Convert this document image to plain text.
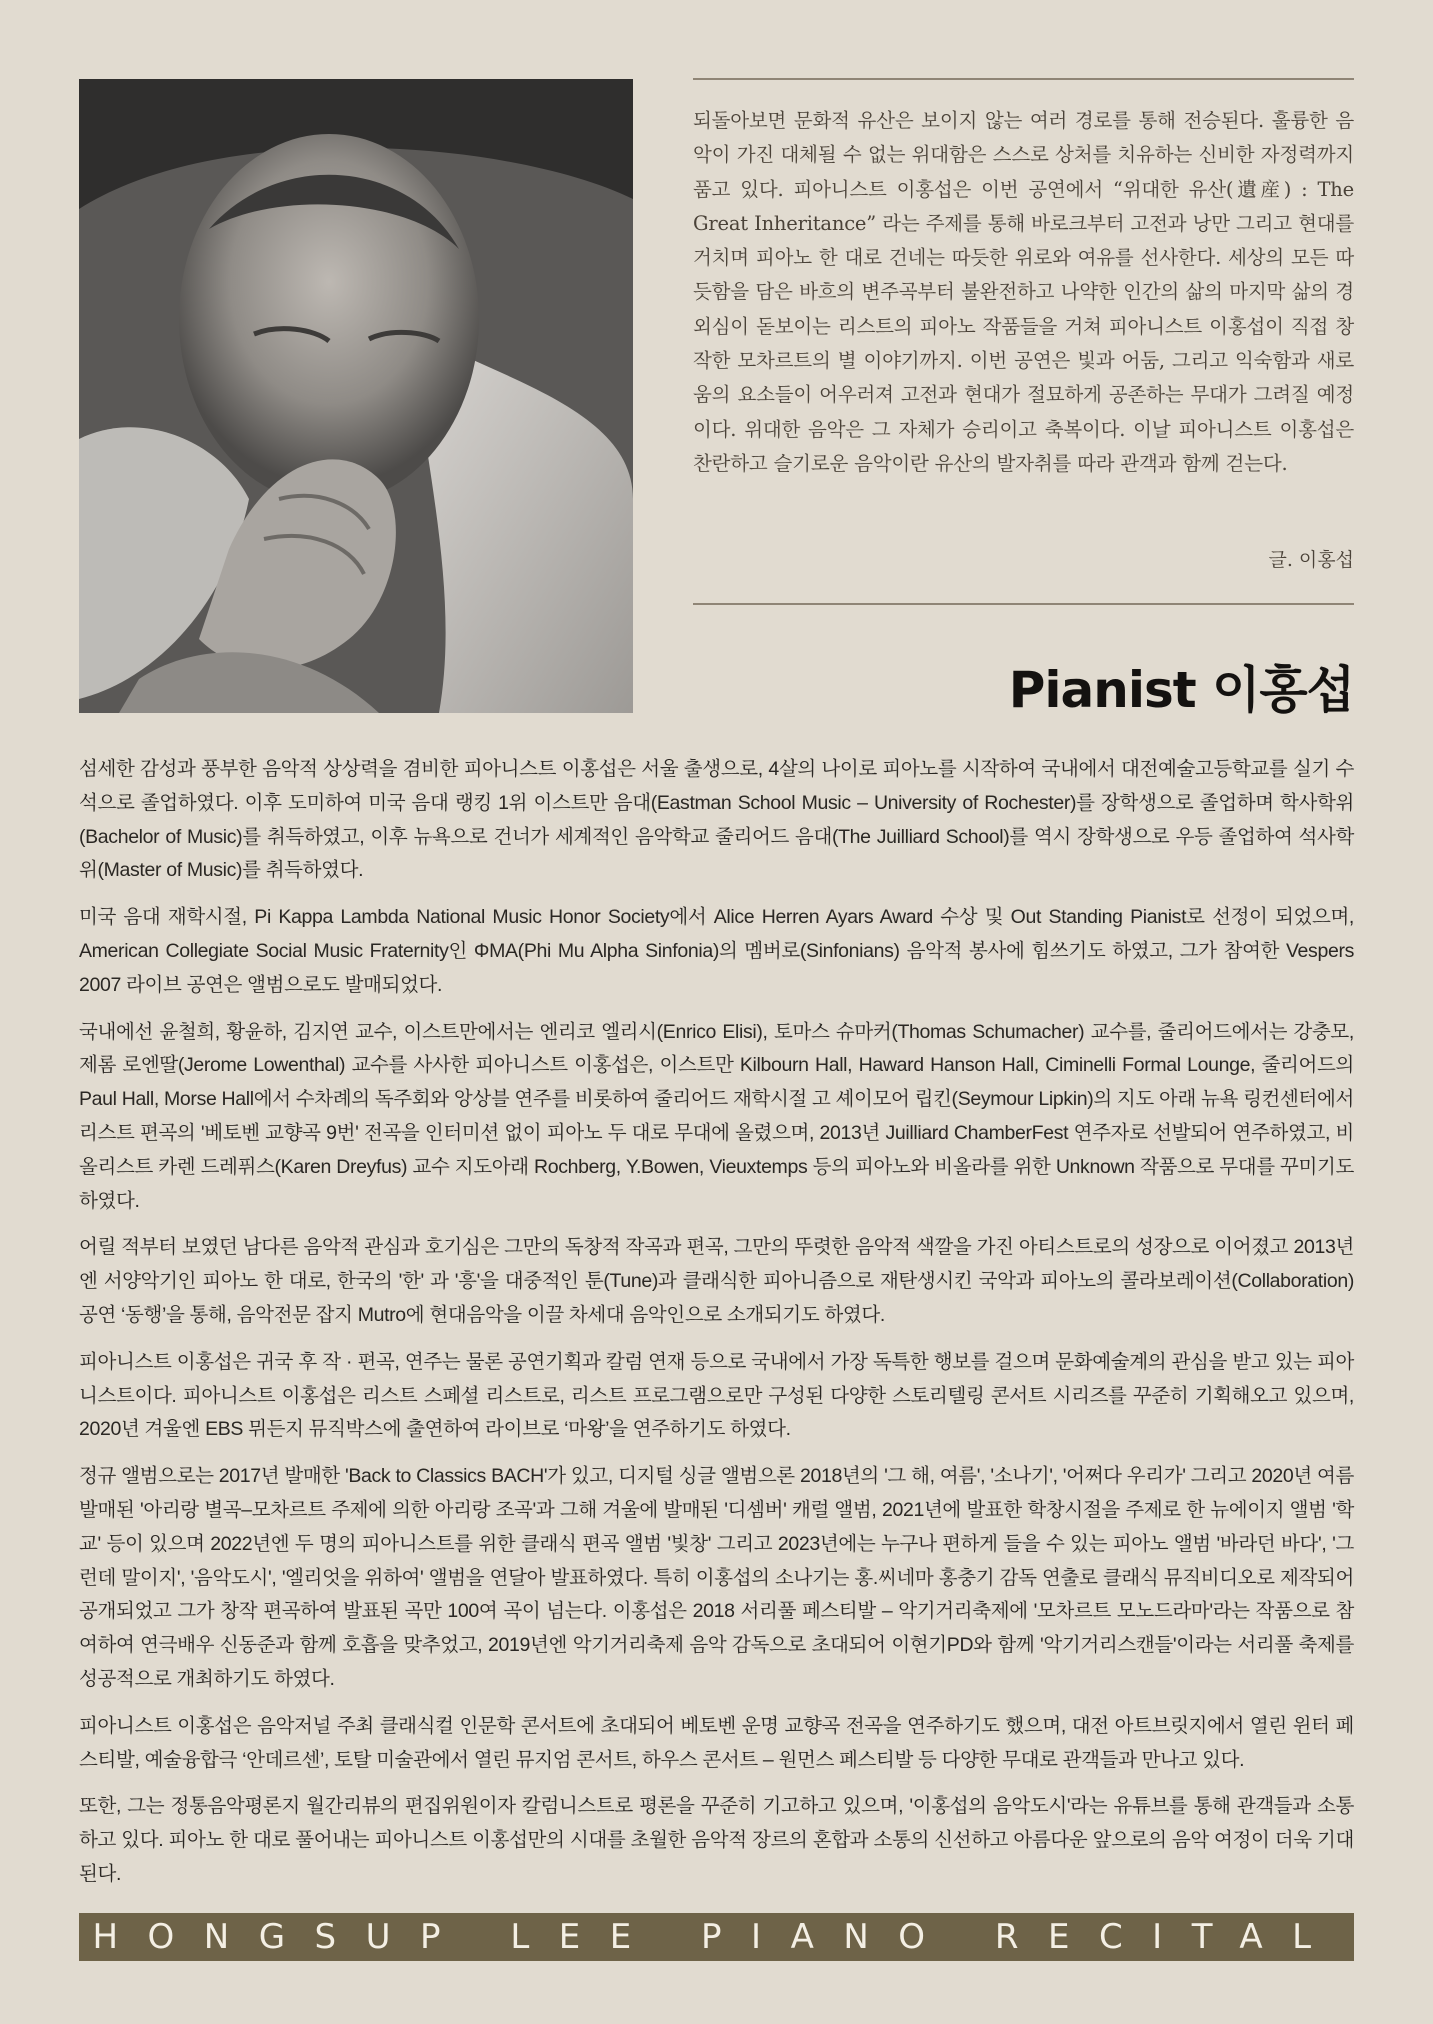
되돌아보면 문화적 유산은 보이지 않는 여러 경로를 통해 전승된다. 훌륭한 음악이 가진 대체될 수 없는 위대함은 스스로 상처를 치유하는 신비한 자정력까지 품고 있다. 피아니스트 이홍섭은 이번 공연에서 “위대한 유산(遺産) : The Great Inheritance” 라는 주제를 통해 바로크부터 고전과 낭만 그리고 현대를 거치며 피아노 한 대로 건네는 따듯한 위로와 여유를 선사한다. 세상의 모든 따듯함을 담은 바흐의 변주곡부터 불완전하고 나약한 인간의 삶의 마지막 삶의 경외심이 돋보이는 리스트의 피아노 작품들을 거쳐 피아니스트 이홍섭이 직접 창작한 모차르트의 별 이야기까지. 이번 공연은 빛과 어둠, 그리고 익숙함과 새로움의 요소들이 어우러져 고전과 현대가 절묘하게 공존하는 무대가 그려질 예정이다. 위대한 음악은 그 자체가 승리이고 축복이다. 이날 피아니스트 이홍섭은 찬란하고 슬기로운 음악이란 유산의 발자취를 따라 관객과 함께 걷는다.

글. 이홍섭
Pianist 이홍섭

섬세한 감성과 풍부한 음악적 상상력을 겸비한 피아니스트 이홍섭은 서울 출생으로, 4살의 나이로 피아노를 시작하여 국내에서 대전예술고등학교를 실기 수석으로 졸업하였다. 이후 도미하여 미국 음대 랭킹 1위 이스트만 음대(Eastman School Music – University of Rochester)를 장학생으로 졸업하며 학사학위(Bachelor of Music)를 취득하였고, 이후 뉴욕으로 건너가 세계적인 음악학교 줄리어드 음대(The Juilliard School)를 역시 장학생으로 우등 졸업하여 석사학위(Master of Music)를 취득하였다.

미국 음대 재학시절, Pi Kappa Lambda National Music Honor Society에서 Alice Herren Ayars Award 수상 및 Out Standing Pianist로 선정이 되었으며, American Collegiate Social Music Fraternity인 ΦMA(Phi Mu Alpha Sinfonia)의 멤버로(Sinfonians) 음악적 봉사에 힘쓰기도 하였고, 그가 참여한 Vespers 2007 라이브 공연은 앨범으로도 발매되었다.

국내에선 윤철희, 황윤하, 김지연 교수, 이스트만에서는 엔리코 엘리시(Enrico Elisi), 토마스 슈마커(Thomas Schumacher) 교수를, 줄리어드에서는 강충모, 제롬 로엔딸(Jerome Lowenthal) 교수를 사사한 피아니스트 이홍섭은, 이스트만 Kilbourn Hall, Haward Hanson Hall, Ciminelli Formal Lounge, 줄리어드의 Paul Hall, Morse Hall에서 수차례의 독주회와 앙상블 연주를 비롯하여 줄리어드 재학시절 고 셰이모어 립킨(Seymour Lipkin)의 지도 아래 뉴욕 링컨센터에서 리스트 편곡의 '베토벤 교향곡 9번' 전곡을 인터미션 없이 피아노 두 대로 무대에 올렸으며, 2013년 Juilliard ChamberFest 연주자로 선발되어 연주하였고, 비올리스트 카렌 드레퓌스(Karen Dreyfus) 교수 지도아래 Rochberg, Y.Bowen, Vieuxtemps 등의 피아노와 비올라를 위한 Unknown 작품으로 무대를 꾸미기도 하였다.

어릴 적부터 보였던 남다른 음악적 관심과 호기심은 그만의 독창적 작곡과 편곡, 그만의 뚜렷한 음악적 색깔을 가진 아티스트로의 성장으로 이어졌고 2013년엔 서양악기인 피아노 한 대로, 한국의 '한' 과 '흥'을 대중적인 툰(Tune)과 클래식한 피아니즘으로 재탄생시킨 국악과 피아노의 콜라보레이션(Collaboration) 공연 ‘동행’을 통해, 음악전문 잡지 Mutro에 현대음악을 이끌 차세대 음악인으로 소개되기도 하였다.

피아니스트 이홍섭은 귀국 후 작 · 편곡, 연주는 물론 공연기획과 칼럼 연재 등으로 국내에서 가장 독특한 행보를 걸으며 문화예술계의 관심을 받고 있는 피아니스트이다. 피아니스트 이홍섭은 리스트 스페셜 리스트로, 리스트 프로그램으로만 구성된 다양한 스토리텔링 콘서트 시리즈를 꾸준히 기획해오고 있으며, 2020년 겨울엔 EBS 뮈든지 뮤직박스에 출연하여 라이브로 ‘마왕’을 연주하기도 하였다.

정규 앨범으로는 2017년 발매한 'Back to Classics BACH'가 있고, 디지털 싱글 앨범으론 2018년의 '그 해, 여름', '소나기', '어쩌다 우리가' 그리고 2020년 여름 발매된 '아리랑 별곡–모차르트 주제에 의한 아리랑 조곡'과 그해 겨울에 발매된 '디셈버' 캐럴 앨범, 2021년에 발표한 학창시절을 주제로 한 뉴에이지 앨범 '학교' 등이 있으며 2022년엔 두 명의 피아니스트를 위한 클래식 편곡 앨범 '빛창' 그리고 2023년에는 누구나 편하게 들을 수 있는 피아노 앨범 '바라던 바다', '그런데 말이지', '음악도시', '엘리엇을 위하여' 앨범을 연달아 발표하였다. 특히 이홍섭의 소나기는 홍.씨네마 홍충기 감독 연출로 클래식 뮤직비디오로 제작되어 공개되었고 그가 창작 편곡하여 발표된 곡만 100여 곡이 넘는다. 이홍섭은 2018 서리풀 페스티발 – 악기거리축제에 '모차르트 모노드라마'라는 작품으로 참여하여 연극배우 신동준과 함께 호흡을 맞추었고, 2019년엔 악기거리축제 음악 감독으로 초대되어 이현기PD와 함께 '악기거리스캔들'이라는 서리풀 축제를 성공적으로 개최하기도 하였다.

피아니스트 이홍섭은 음악저널 주최 클래식컬 인문학 콘서트에 초대되어 베토벤 운명 교향곡 전곡을 연주하기도 했으며, 대전 아트브릿지에서 열린 윈터 페스티발, 예술융합극 ‘안데르센’, 토탈 미술관에서 열린 뮤지엄 콘서트, 하우스 콘서트 – 원먼스 페스티발 등 다양한 무대로 관객들과 만나고 있다.

또한, 그는 정통음악평론지 월간리뷰의 편집위원이자 칼럼니스트로 평론을 꾸준히 기고하고 있으며, '이홍섭의 음악도시'라는 유튜브를 통해 관객들과 소통하고 있다. 피아노 한 대로 풀어내는 피아니스트 이홍섭만의 시대를 초월한 음악적 장르의 혼합과 소통의 신선하고 아름다운 앞으로의 음악 여정이 더욱 기대된다.

HONGSUP LEE PIANO RECITAL
